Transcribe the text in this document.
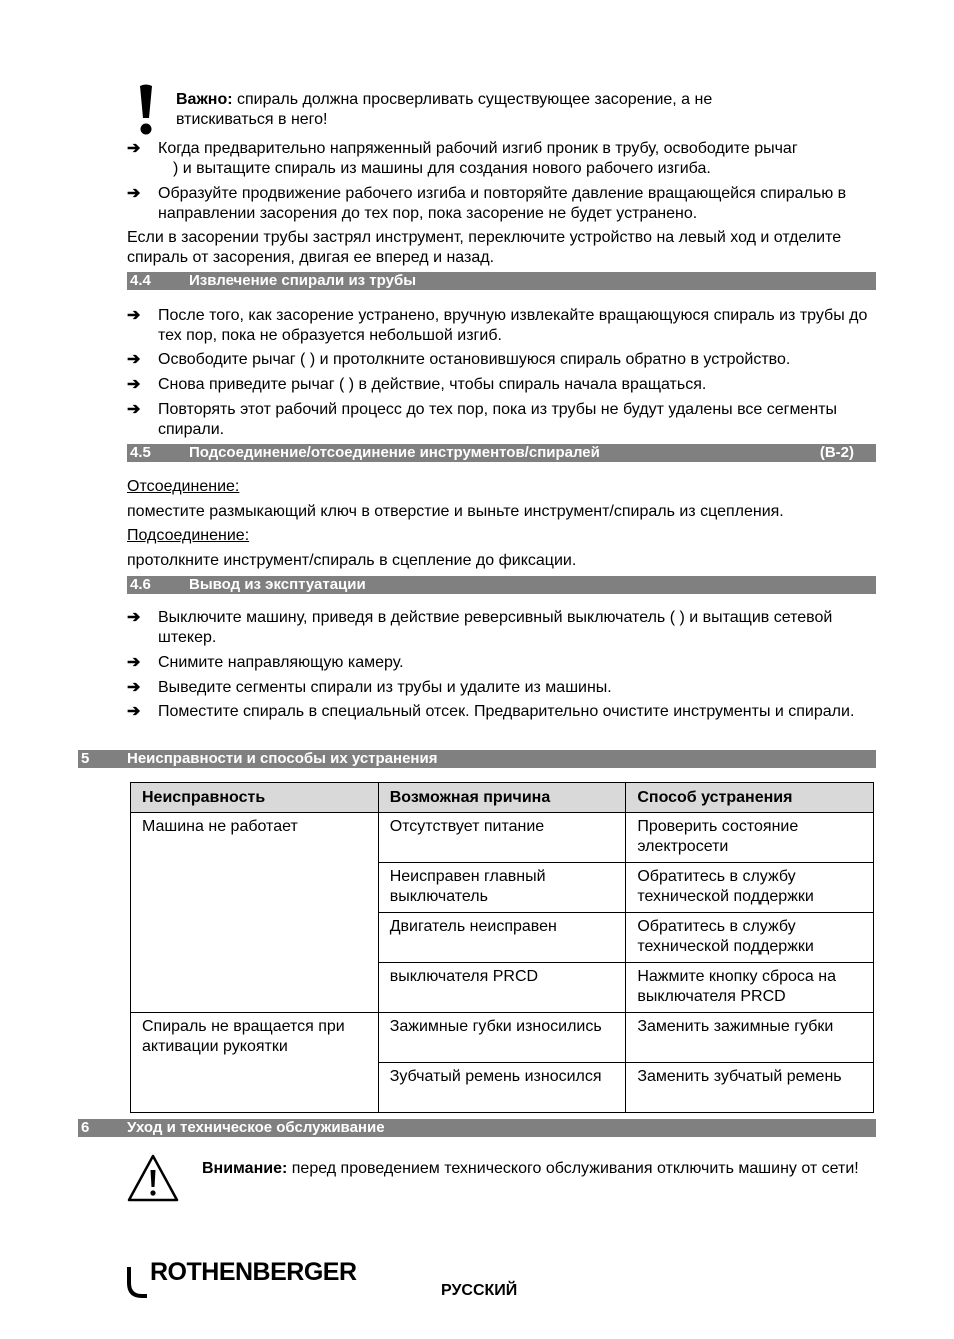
Важно: спираль должна просверливать существующее засорение, а не втискиваться в него!
➔	Когда предварительно напряженный рабочий изгиб проник в трубу, освободите рычаг
) и вытащите спираль из машины для создания нового рабочего изгиба.
➔	Образуйте продвижение рабочего изгиба и повторяйте давление вращающейся спиралью в направлении засорения до тех пор, пока засорение не будет устранено.
Если в засорении трубы застрял инструмент, переключите устройство на левый ход и отделите спираль от засорения, двигая ее вперед и назад.
4.4	Извлечение спирали из трубы
➔	После того, как засорение устранено, вручную извлекайте вращающуюся спираль из трубы до тех пор, пока не образуется небольшой изгиб.
➔	Освободите рычаг ( ) и протолкните остановившуюся спираль обратно в устройство.
➔	Снова приведите рычаг ( ) в действие, чтобы спираль начала вращаться.
➔	Повторять этот рабочий процесс до тех пор, пока из трубы не будут удалены все сегменты спирали.
4.5	Подсоединение/отсоединение инструментов/спиралей	(B-2)
Отсоединение:
поместите размыкающий ключ в отверстие и выньте инструмент/спираль из сцепления.
Подсоединение:
протолкните инструмент/спираль в сцепление до фиксации.
4.6	Вывод из эксптуатации
➔	Выключите машину, приведя в действие реверсивный выключатель ( ) и вытащив сетевой штекер.
➔	Снимите направляющую камеру.
➔	Выведите сегменты спирали из трубы и удалите из машины.
➔	Поместите спираль в специальный отсек. Предварительно очистите инструменты и спирали.
5	Неисправности и способы их устранения
Неисправность	Возможная причина	Способ устранения
Машина не работает	Отсутствует питание	Проверить состояние электросети
	Неисправен главный выключатель	Обратитесь в службу технической поддержки
	Двигатель неисправен	Обратитесь в службу технической поддержки
	выключателя PRCD	Нажмите кнопку сброса на выключателя PRCD
Спираль не вращается при активации рукоятки	Зажимные губки износились	Заменить зажимные губки
	Зубчатый ремень износился	Заменить зубчатый ремень
6	Уход и техническое обслуживание
Внимание: перед проведением технического обслуживания отключить машину от сети!
ROTHENBERGER
РУССКИЙ
